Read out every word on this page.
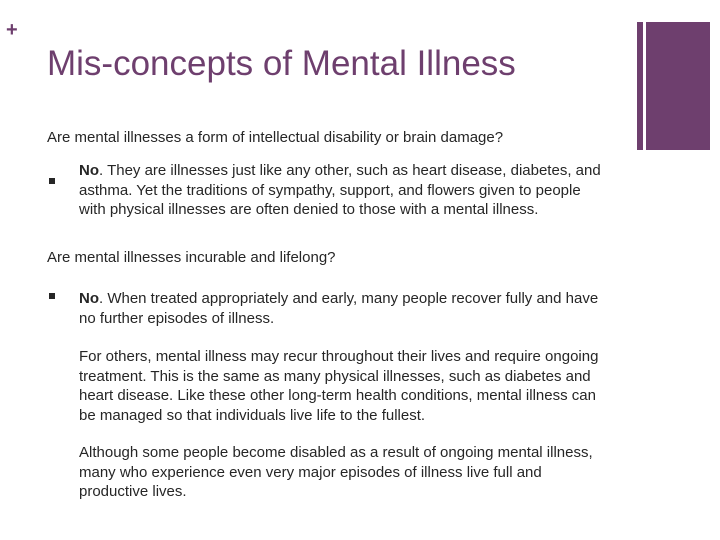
+
Mis-concepts of Mental Illness

Are mental illnesses a form of intellectual disability or brain damage?

No. They are illnesses just like any other, such as heart disease, diabetes, and asthma. Yet the traditions of sympathy, support, and flowers given to people with physical illnesses are often denied to those with a mental illness.

Are mental illnesses incurable and lifelong?

No. When treated appropriately and early, many people recover fully and have no further episodes of illness.

For others, mental illness may recur throughout their lives and require ongoing treatment. This is the same as many physical illnesses, such as diabetes and heart disease. Like these other long-term health conditions, mental illness can be managed so that individuals live life to the fullest.

Although some people become disabled as a result of ongoing mental illness, many who experience even very major episodes of illness live full and productive lives.
